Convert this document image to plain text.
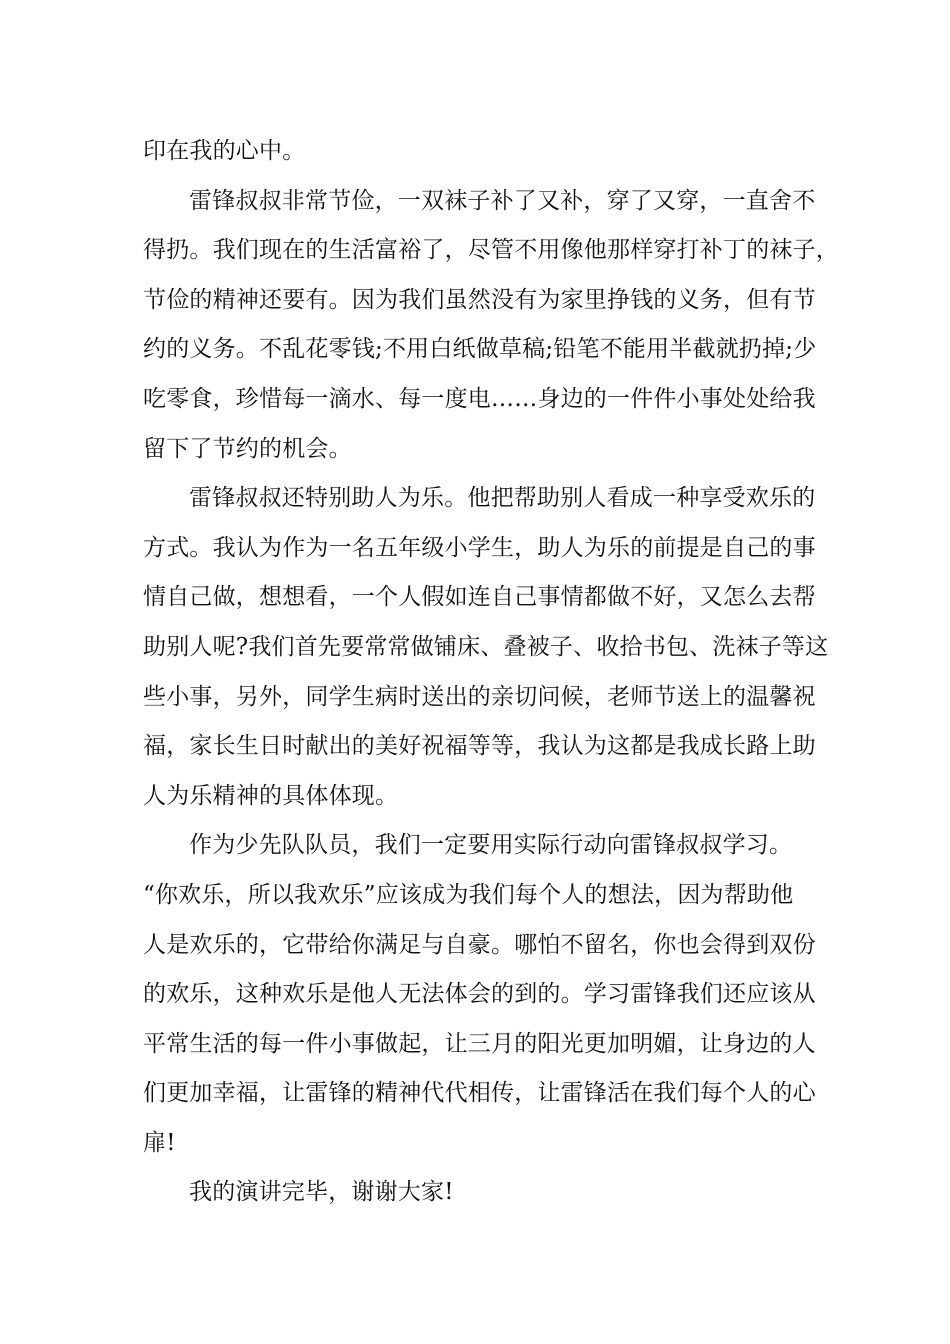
印在我的心中。
雷锋叔叔非常节俭，一双袜子补了又补，穿了又穿，一直舍不
得扔。我们现在的生活富裕了，尽管不用像他那样穿打补丁的袜子，
节俭的精神还要有。因为我们虽然没有为家里挣钱的义务，但有节
约的义务。不乱花零钱;不用白纸做草稿;铅笔不能用半截就扔掉;少
吃零食，珍惜每一滴水、每一度电……身边的一件件小事处处给我
留下了节约的机会。
雷锋叔叔还特别助人为乐。他把帮助别人看成一种享受欢乐的
方式。我认为作为一名五年级小学生，助人为乐的前提是自己的事
情自己做，想想看，一个人假如连自己事情都做不好，又怎么去帮
助别人呢?我们首先要常常做铺床、叠被子、收拾书包、洗袜子等这
些小事，另外，同学生病时送出的亲切问候，老师节送上的温馨祝
福，家长生日时献出的美好祝福等等，我认为这都是我成长路上助
人为乐精神的具体体现。
作为少先队队员，我们一定要用实际行动向雷锋叔叔学习。
“你欢乐，所以我欢乐”应该成为我们每个人的想法，因为帮助他
人是欢乐的，它带给你满足与自豪。哪怕不留名，你也会得到双份
的欢乐，这种欢乐是他人无法体会的到的。学习雷锋我们还应该从
平常生活的每一件小事做起，让三月的阳光更加明媚，让身边的人
们更加幸福，让雷锋的精神代代相传，让雷锋活在我们每个人的心
扉!
我的演讲完毕，谢谢大家!
